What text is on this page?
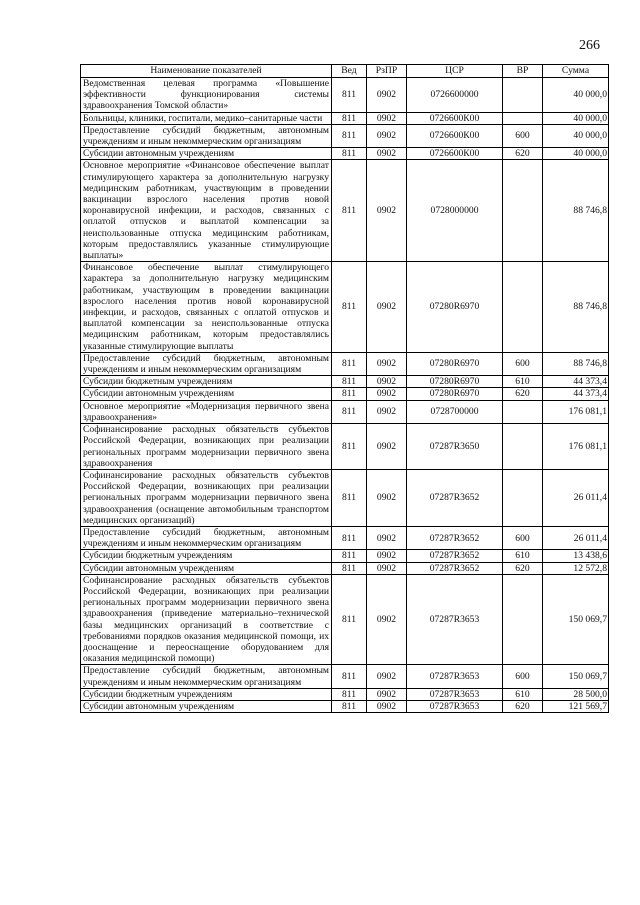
266
Наименование показателей	Вед	РзПР	ЦСР	ВР	Сумма
Ведомственная целевая программа «Повышение эффективности функционирования системы здравоохранения Томской области»	811	0902	0726600000		40 000,0
Больницы, клиники, госпитали, медико–санитарные части	811	0902	0726600К00		40 000,0
Предоставление субсидий бюджетным, автономным учреждениям и иным некоммерческим организациям	811	0902	0726600К00	600	40 000,0
Субсидии автономным учреждениям	811	0902	0726600К00	620	40 000,0
Основное мероприятие «Финансовое обеспечение выплат стимулирующего характера за дополнительную нагрузку медицинским работникам, участвующим в проведении вакцинации взрослого населения против новой коронавирусной инфекции, и расходов, связанных с оплатой отпусков и выплатой компенсации за неиспользованные отпуска медицинским работникам, которым предоставлялись указанные стимулирующие выплаты»	811	0902	0728000000		88 746,8
Финансовое обеспечение выплат стимулирующего характера за дополнительную нагрузку медицинским работникам, участвующим в проведении вакцинации взрослого населения против новой коронавирусной инфекции, и расходов, связанных с оплатой отпусков и выплатой компенсации за неиспользованные отпуска медицинским работникам, которым предоставлялись указанные стимулирующие выплаты	811	0902	07280R6970		88 746,8
Предоставление субсидий бюджетным, автономным учреждениям и иным некоммерческим организациям	811	0902	07280R6970	600	88 746,8
Субсидии бюджетным учреждениям	811	0902	07280R6970	610	44 373,4
Субсидии автономным учреждениям	811	0902	07280R6970	620	44 373,4
Основное мероприятие «Модернизация первичного звена здравоохранения»	811	0902	0728700000		176 081,1
Софинансирование расходных обязательств субъектов Российской Федерации, возникающих при реализации региональных программ модернизации первичного звена здравоохранения	811	0902	07287R3650		176 081,1
Софинансирование расходных обязательств субъектов Российской Федерации, возникающих при реализации региональных программ модернизации первичного звена здравоохранения (оснащение автомобильным транспортом медицинских организаций)	811	0902	07287R3652		26 011,4
Предоставление субсидий бюджетным, автономным учреждениям и иным некоммерческим организациям	811	0902	07287R3652	600	26 011,4
Субсидии бюджетным учреждениям	811	0902	07287R3652	610	13 438,6
Субсидии автономным учреждениям	811	0902	07287R3652	620	12 572,8
Софинансирование расходных обязательств субъектов Российской Федерации, возникающих при реализации региональных программ модернизации первичного звена здравоохранения (приведение материально–технической базы медицинских организаций в соответствие с требованиями порядков оказания медицинской помощи, их дооснащение и переоснащение оборудованием для оказания медицинской помощи)	811	0902	07287R3653		150 069,7
Предоставление субсидий бюджетным, автономным учреждениям и иным некоммерческим организациям	811	0902	07287R3653	600	150 069,7
Субсидии бюджетным учреждениям	811	0902	07287R3653	610	28 500,0
Субсидии автономным учреждениям	811	0902	07287R3653	620	121 569,7
